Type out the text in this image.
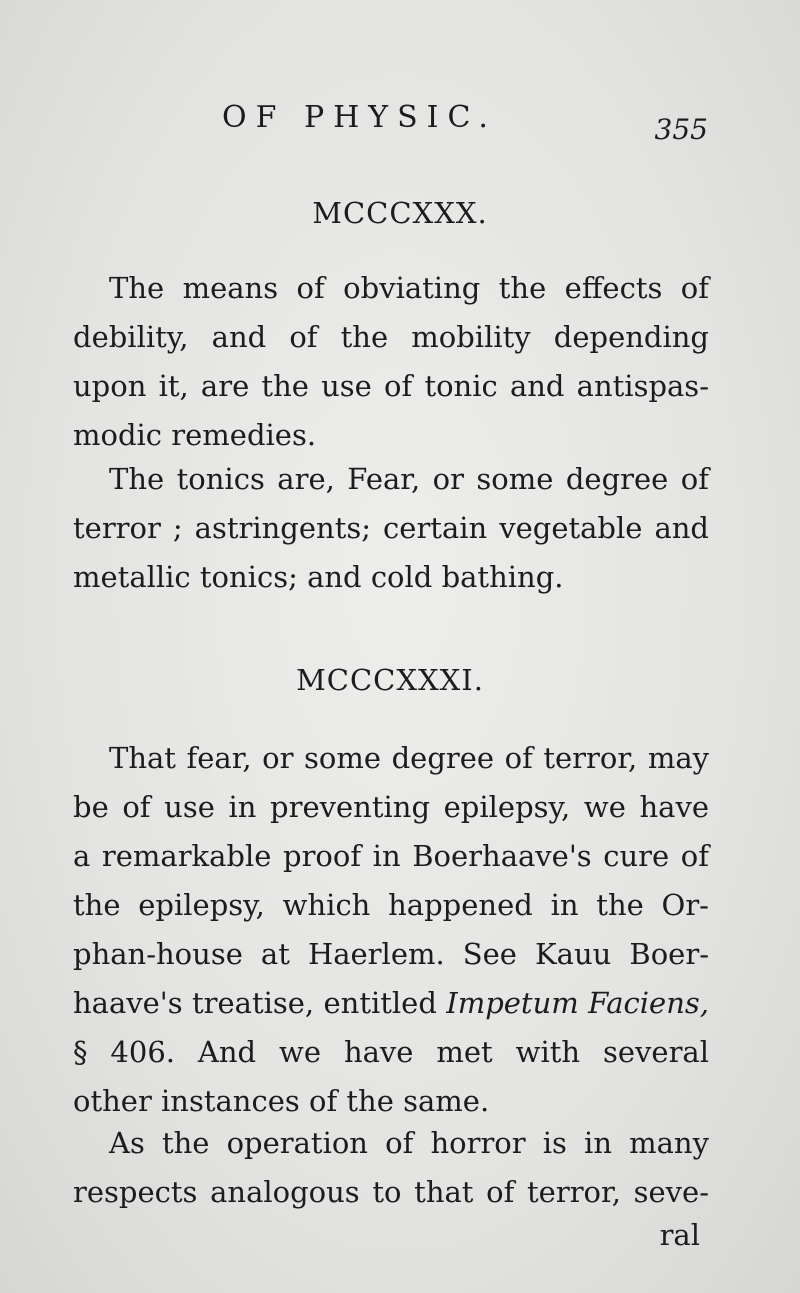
OF PHYSIC.	355
MCCCXXX.

The means of obviating the effects of
debility, and of the mobility depending
upon it, are the use of tonic and antispas-
modic remedies.

The tonics are, Fear, or some degree of
terror ; astringents; certain vegetable and
metallic tonics; and cold bathing.

MCCCXXXI.

That fear, or some degree of terror, may
be of use in preventing epilepsy, we have
a remarkable proof in Boerhaave's cure of
the epilepsy, which happened in the Or-
phan-house at Haerlem. See Kauu Boer-
haave's treatise, entitled Impetum Faciens,
§ 406. And we have met with several
other instances of the same.

As the operation of horror is in many
respects analogous to that of terror, seve-

ral
